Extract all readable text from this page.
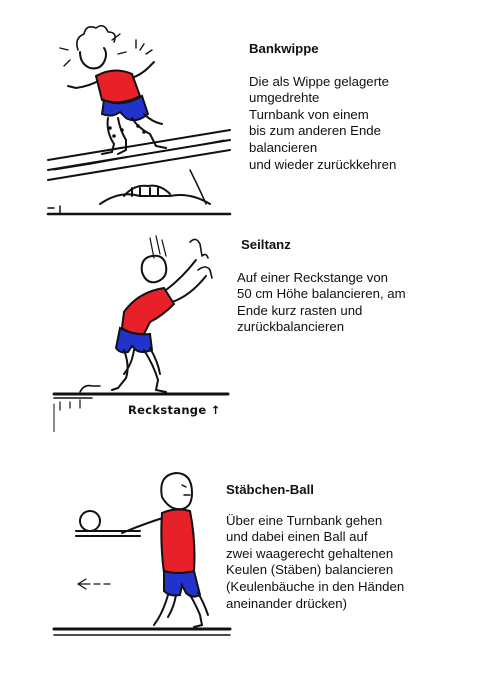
Bankwippe
Die als Wippe gelagerte
umgedrehte
Turnbank von einem
bis zum anderen Ende
balancieren
und wieder zurückkehren
Reckstange ↑
Seiltanz
Auf einer Reckstange von
50 cm Höhe balancieren, am
Ende kurz rasten und
zurückbalancieren
Stäbchen-Ball
Über eine Turnbank gehen
und dabei einen Ball auf
zwei waagerecht gehaltenen
Keulen (Stäben) balancieren
(Keulenbäuche in den Händen
aneinander drücken)
